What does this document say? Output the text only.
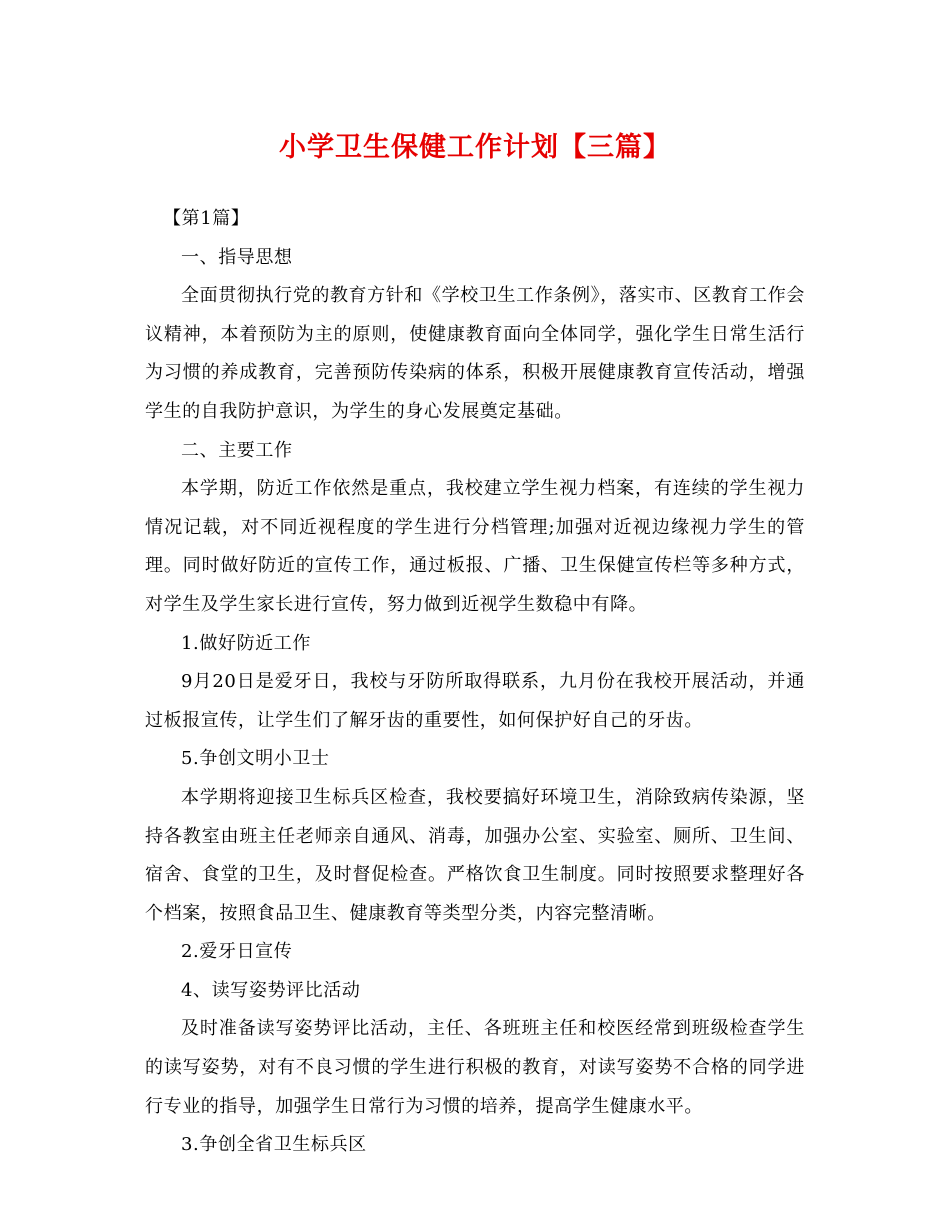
小学卫生保健工作计划【三篇】

【第1篇】

一、指导思想

全面贯彻执行党的教育方针和《学校卫生工作条例》，落实市、区教育工作会议精神，本着预防为主的原则，使健康教育面向全体同学，强化学生日常生活行为习惯的养成教育，完善预防传染病的体系，积极开展健康教育宣传活动，增强学生的自我防护意识，为学生的身心发展奠定基础。

二、主要工作

本学期，防近工作依然是重点，我校建立学生视力档案，有连续的学生视力情况记载，对不同近视程度的学生进行分档管理;加强对近视边缘视力学生的管理。同时做好防近的宣传工作，通过板报、广播、卫生保健宣传栏等多种方式，对学生及学生家长进行宣传，努力做到近视学生数稳中有降。

1.做好防近工作

9月20日是爱牙日，我校与牙防所取得联系，九月份在我校开展活动，并通过板报宣传，让学生们了解牙齿的重要性，如何保护好自己的牙齿。

5.争创文明小卫士

本学期将迎接卫生标兵区检查，我校要搞好环境卫生，消除致病传染源，坚持各教室由班主任老师亲自通风、消毒，加强办公室、实验室、厕所、卫生间、宿舍、食堂的卫生，及时督促检查。严格饮食卫生制度。同时按照要求整理好各个档案，按照食品卫生、健康教育等类型分类，内容完整清晰。

2.爱牙日宣传

4、读写姿势评比活动

及时准备读写姿势评比活动，主任、各班班主任和校医经常到班级检查学生的读写姿势，对有不良习惯的学生进行积极的教育，对读写姿势不合格的同学进行专业的指导，加强学生日常行为习惯的培养，提高学生健康水平。

3.争创全省卫生标兵区
